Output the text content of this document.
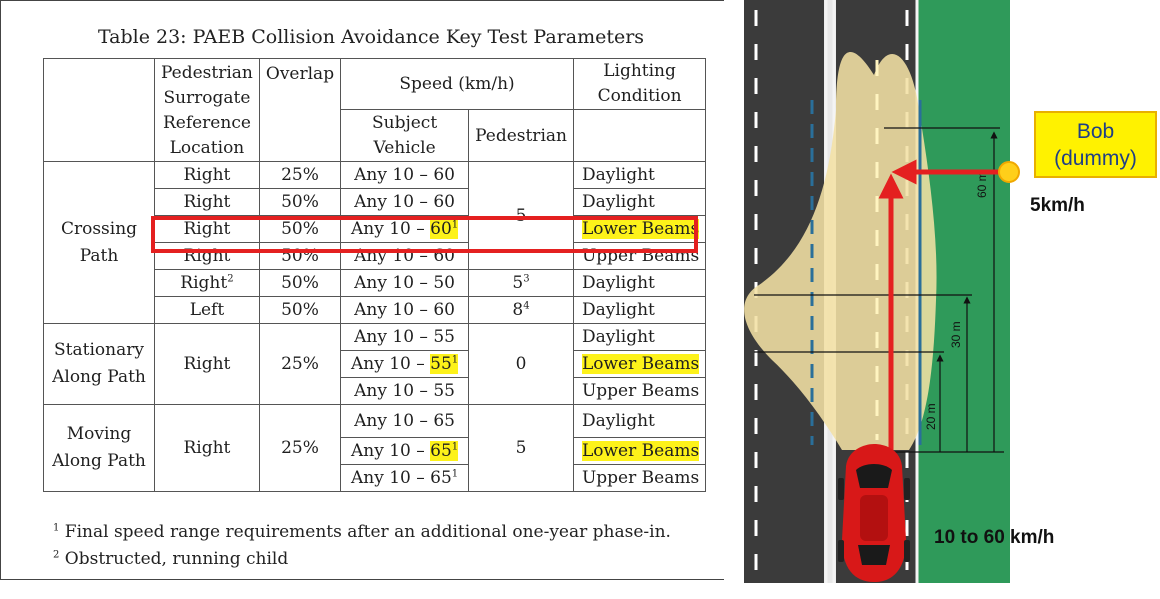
Table 23: PAEB Collision Avoidance Key Test Parameters
	Pedestrian Surrogate Reference Location	Overlap	Speed (km/h)		Lighting Condition

			Subject Vehicle	Pedestrian	

Crossing Path	Right	25%	Any 10 – 60	5	Daylight
	Right	50%	Any 10 – 60		Daylight
	Right	50%	Any $10 - 60^1$		Lower Beams
	Right	50%	Any 10 – 60		Upper Beams
	Right$^2$	50%	Any 10 – 50	$5^3$	Daylight
	Left	50%	Any 10 – 60	$8^4$	Daylight
Stationary Along Path	Right	25%	Any 10 – 55	0	Daylight
			Any $10 - 55^1$		Lower Beams
			Any 10 – 55		Upper Beams
Moving Along Path	Right	25%	Any 10 – 65	5	Daylight
			Any $10 - 65^1$		Lower Beams
			Any $10 - 65^1$		Upper Beams
$^1$ Final speed range requirements after an additional one-year phase-in.
$^2$ Obstructed, running child
60 m
30 m
20 m
Bob
(dummy)
5km/h
10 to 60 km/h
